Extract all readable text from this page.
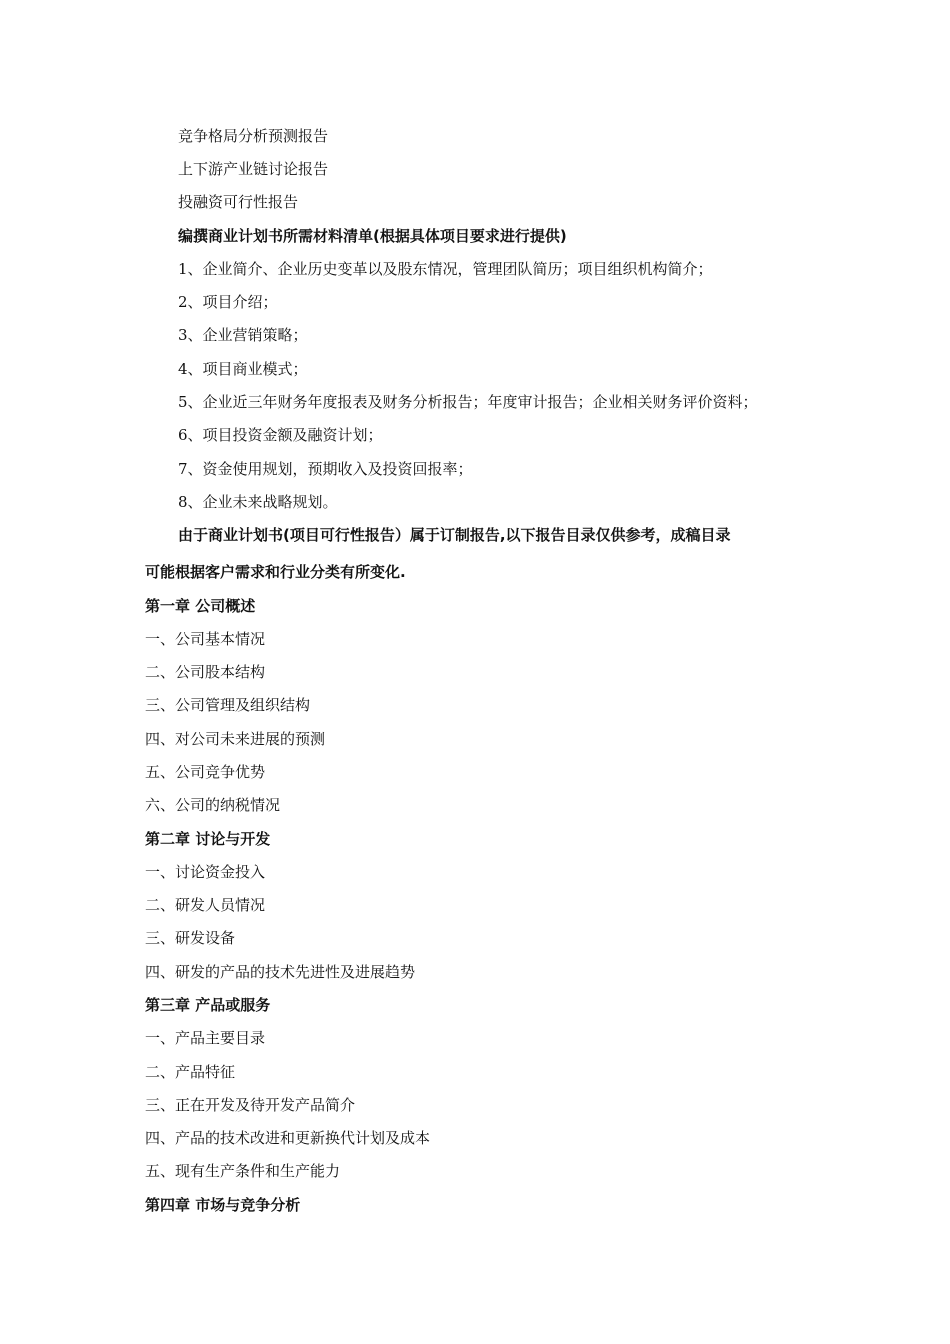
竞争格局分析预测报告
上下游产业链讨论报告
投融资可行性报告
编撰商业计划书所需材料清单(根据具体项目要求进行提供)
1、企业简介、企业历史变革以及股东情况，管理团队简历；项目组织机构简介；
2、项目介绍；
3、企业营销策略；
4、项目商业模式；
5、企业近三年财务年度报表及财务分析报告；年度审计报告；企业相关财务评价资料；
6、项目投资金额及融资计划；
7、资金使用规划，预期收入及投资回报率；
8、企业未来战略规划。
由于商业计划书(项目可行性报告）属于订制报告,以下报告目录仅供参考，成稿目录
可能根据客户需求和行业分类有所变化.
第一章 公司概述
一、公司基本情况
二、公司股本结构
三、公司管理及组织结构
四、对公司未来进展的预测
五、公司竞争优势
六、公司的纳税情况
第二章 讨论与开发
一、讨论资金投入
二、研发人员情况
三、研发设备
四、研发的产品的技术先进性及进展趋势
第三章 产品或服务
一、产品主要目录
二、产品特征
三、正在开发及待开发产品简介
四、产品的技术改进和更新换代计划及成本
五、现有生产条件和生产能力
第四章 市场与竞争分析
